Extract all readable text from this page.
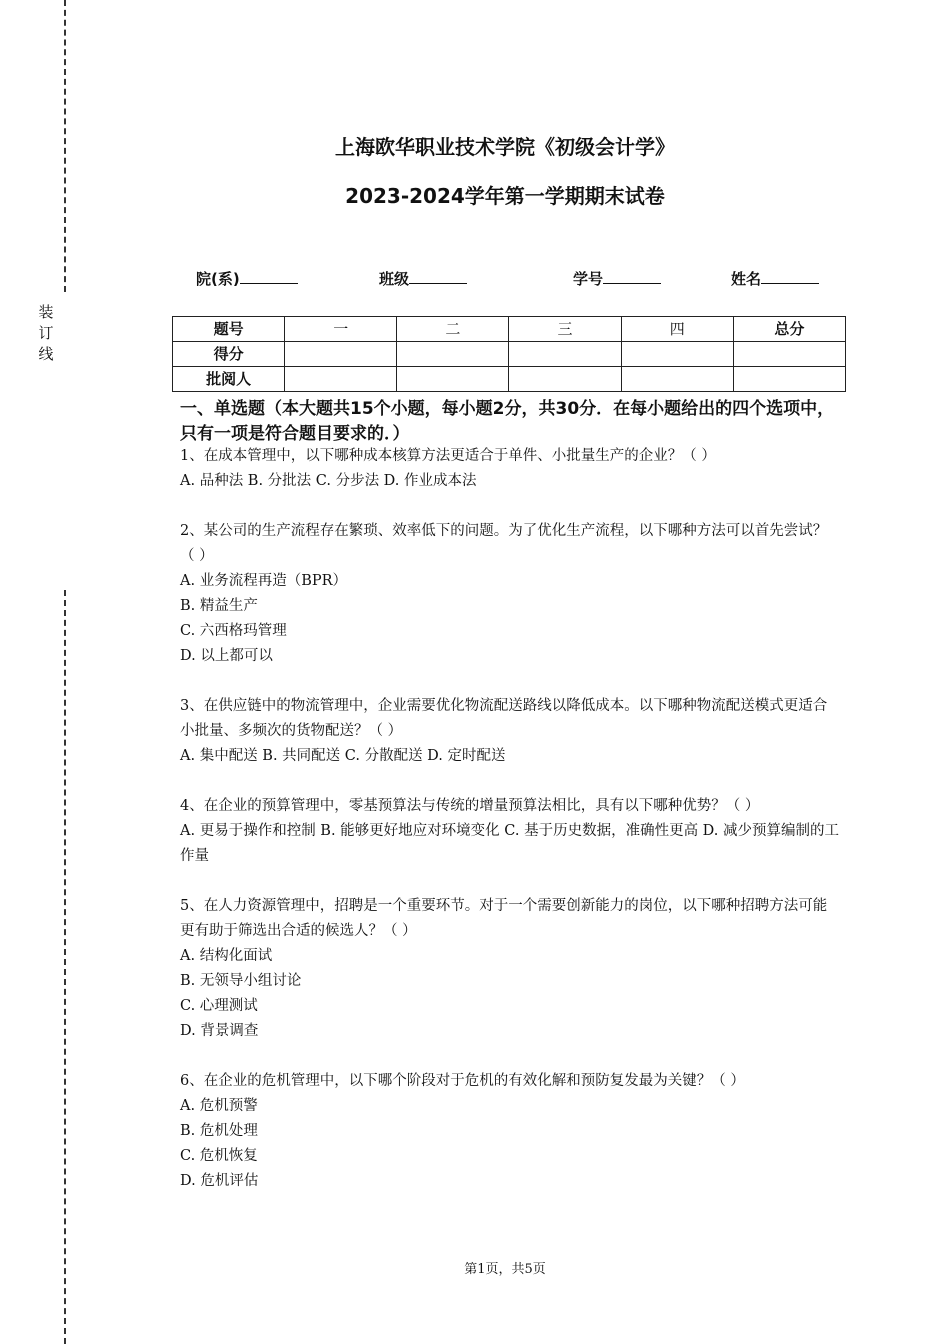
装
订
线
上海欧华职业技术学院《初级会计学》
2023-2024学年第一学期期末试卷
院(系)	班级	学号	姓名
题号	一	二	三	四	总分
得分					
批阅人					
一、单选题（本大题共15个小题，每小题2分，共30分．在每小题给出的四个选项中，只有一项是符合题目要求的．）

1、在成本管理中，以下哪种成本核算方法更适合于单件、小批量生产的企业？（ ）

A. 品种法 B. 分批法 C. 分步法 D. 作业成本法

2、某公司的生产流程存在繁琐、效率低下的问题。为了优化生产流程，以下哪种方法可以首先尝试？（ ）

A. 业务流程再造（BPR）

B. 精益生产

C. 六西格玛管理

D. 以上都可以

3、在供应链中的物流管理中，企业需要优化物流配送路线以降低成本。以下哪种物流配送模式更适合小批量、多频次的货物配送？（ ）

A. 集中配送 B. 共同配送 C. 分散配送 D. 定时配送

4、在企业的预算管理中，零基预算法与传统的增量预算法相比，具有以下哪种优势？（ ）

A. 更易于操作和控制 B. 能够更好地应对环境变化 C. 基于历史数据，准确性更高 D. 减少预算编制的工作量

5、在人力资源管理中，招聘是一个重要环节。对于一个需要创新能力的岗位，以下哪种招聘方法可能更有助于筛选出合适的候选人？（ ）

A. 结构化面试

B. 无领导小组讨论

C. 心理测试

D. 背景调查

6、在企业的危机管理中，以下哪个阶段对于危机的有效化解和预防复发最为关键？（ ）

A. 危机预警

B. 危机处理

C. 危机恢复

D. 危机评估

第1页，共5页
